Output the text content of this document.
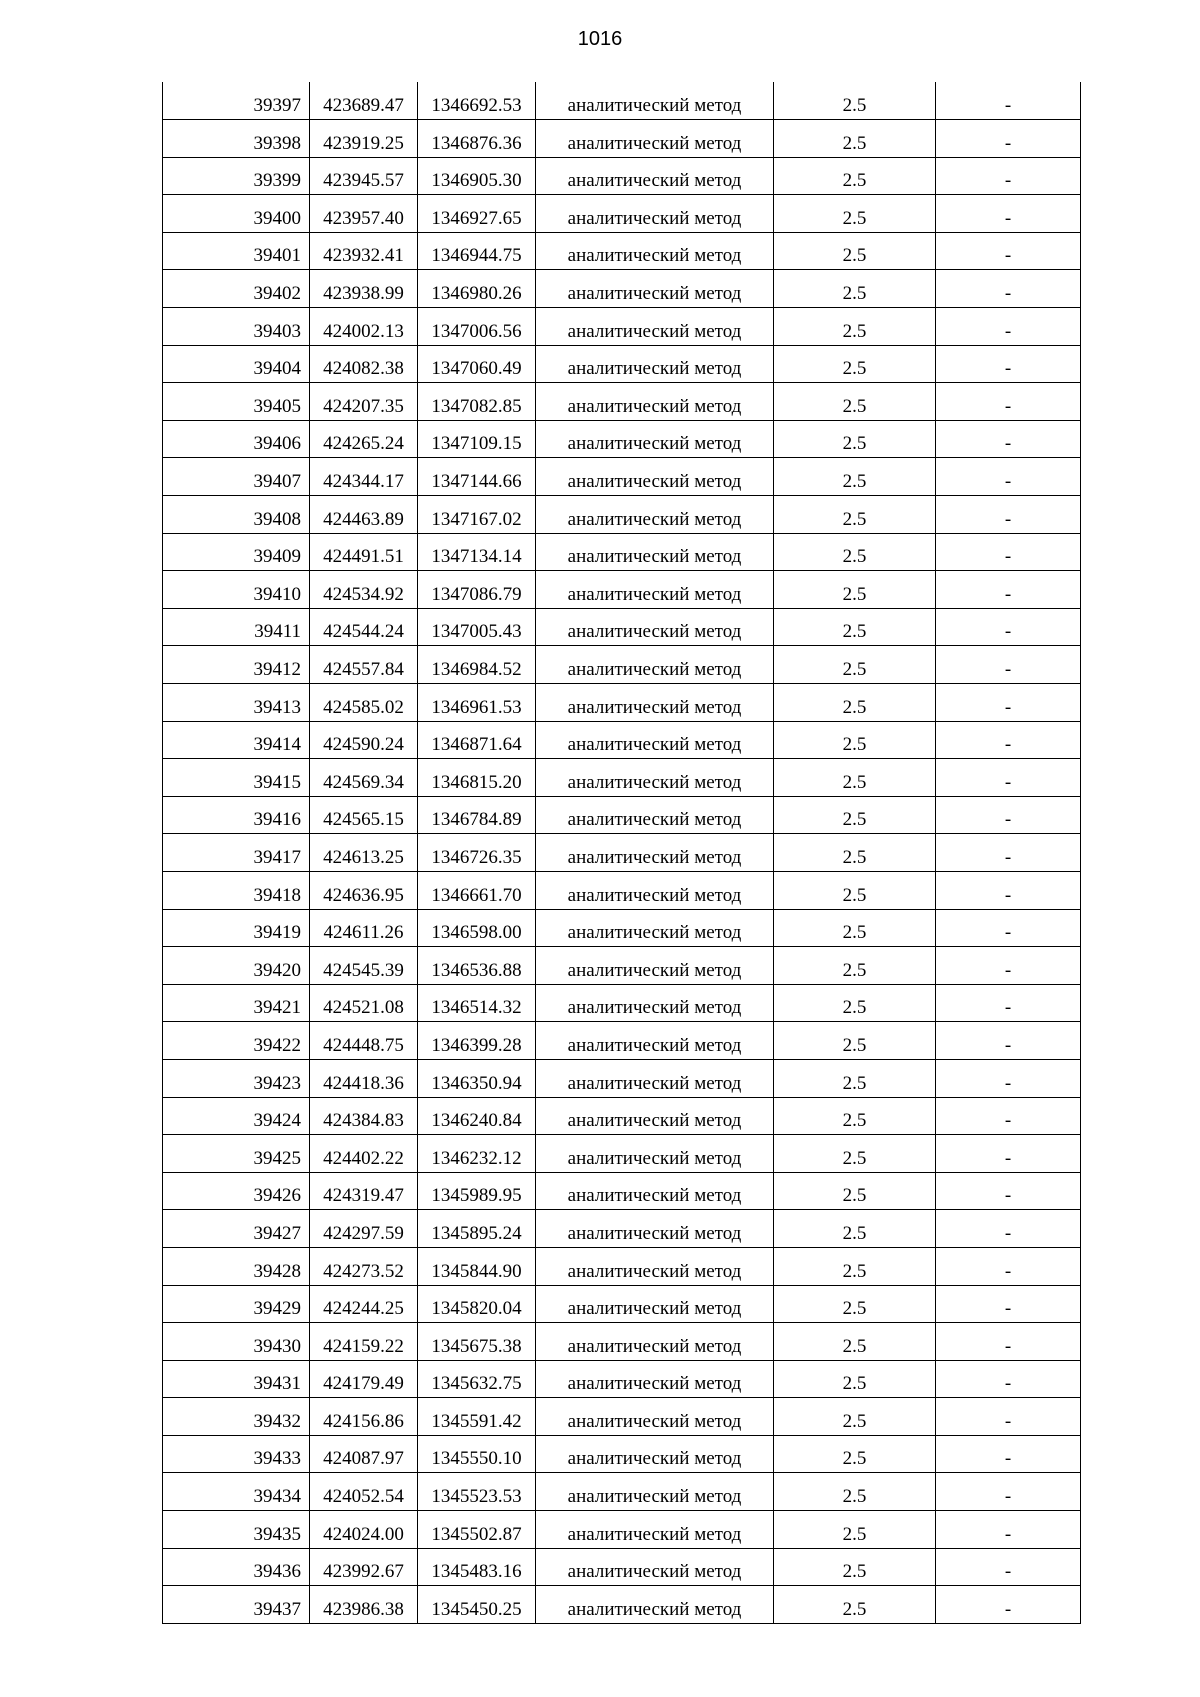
1016
39397	423689.47	1346692.53	аналитический метод	2.5	-
39398	423919.25	1346876.36	аналитический метод	2.5	-
39399	423945.57	1346905.30	аналитический метод	2.5	-
39400	423957.40	1346927.65	аналитический метод	2.5	-
39401	423932.41	1346944.75	аналитический метод	2.5	-
39402	423938.99	1346980.26	аналитический метод	2.5	-
39403	424002.13	1347006.56	аналитический метод	2.5	-
39404	424082.38	1347060.49	аналитический метод	2.5	-
39405	424207.35	1347082.85	аналитический метод	2.5	-
39406	424265.24	1347109.15	аналитический метод	2.5	-
39407	424344.17	1347144.66	аналитический метод	2.5	-
39408	424463.89	1347167.02	аналитический метод	2.5	-
39409	424491.51	1347134.14	аналитический метод	2.5	-
39410	424534.92	1347086.79	аналитический метод	2.5	-
39411	424544.24	1347005.43	аналитический метод	2.5	-
39412	424557.84	1346984.52	аналитический метод	2.5	-
39413	424585.02	1346961.53	аналитический метод	2.5	-
39414	424590.24	1346871.64	аналитический метод	2.5	-
39415	424569.34	1346815.20	аналитический метод	2.5	-
39416	424565.15	1346784.89	аналитический метод	2.5	-
39417	424613.25	1346726.35	аналитический метод	2.5	-
39418	424636.95	1346661.70	аналитический метод	2.5	-
39419	424611.26	1346598.00	аналитический метод	2.5	-
39420	424545.39	1346536.88	аналитический метод	2.5	-
39421	424521.08	1346514.32	аналитический метод	2.5	-
39422	424448.75	1346399.28	аналитический метод	2.5	-
39423	424418.36	1346350.94	аналитический метод	2.5	-
39424	424384.83	1346240.84	аналитический метод	2.5	-
39425	424402.22	1346232.12	аналитический метод	2.5	-
39426	424319.47	1345989.95	аналитический метод	2.5	-
39427	424297.59	1345895.24	аналитический метод	2.5	-
39428	424273.52	1345844.90	аналитический метод	2.5	-
39429	424244.25	1345820.04	аналитический метод	2.5	-
39430	424159.22	1345675.38	аналитический метод	2.5	-
39431	424179.49	1345632.75	аналитический метод	2.5	-
39432	424156.86	1345591.42	аналитический метод	2.5	-
39433	424087.97	1345550.10	аналитический метод	2.5	-
39434	424052.54	1345523.53	аналитический метод	2.5	-
39435	424024.00	1345502.87	аналитический метод	2.5	-
39436	423992.67	1345483.16	аналитический метод	2.5	-
39437	423986.38	1345450.25	аналитический метод	2.5	-
